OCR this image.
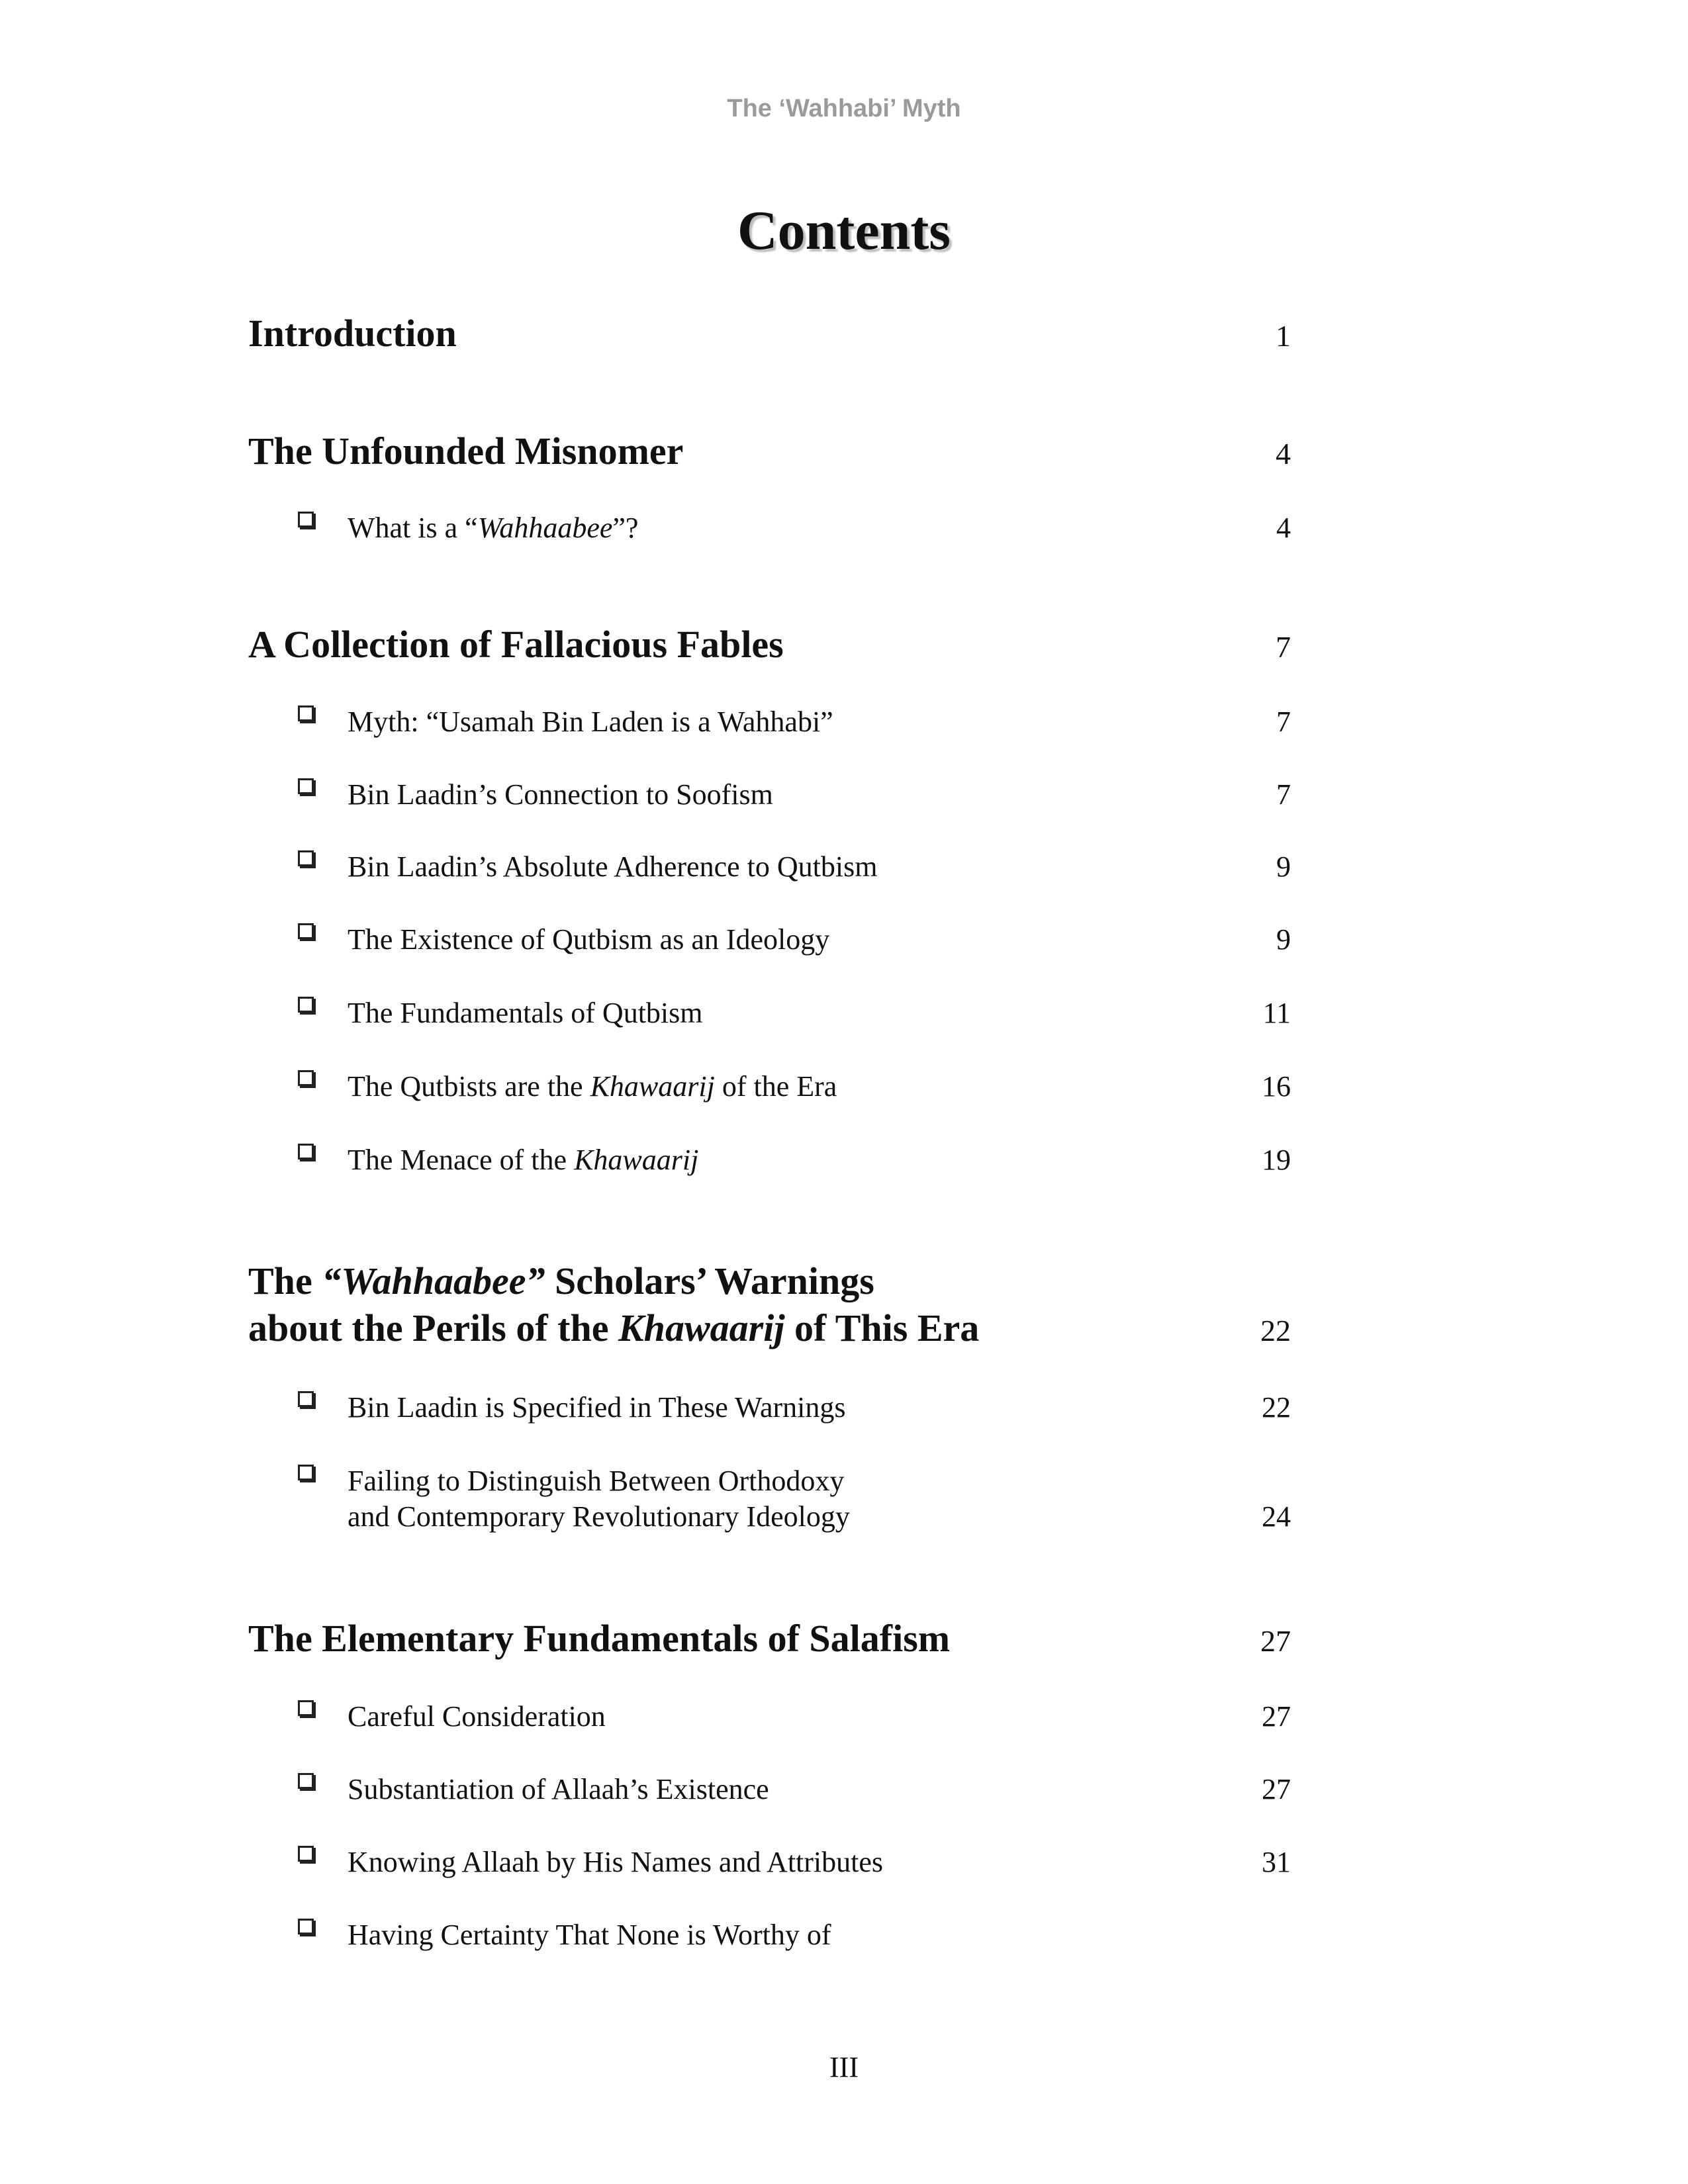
The ‘Wahhabi’ Myth
Contents
Introduction	1
The Unfounded Misnomer	4
What is a “Wahhaabee”?	4
A Collection of Fallacious Fables	7
Myth: “Usamah Bin Laden is a Wahhabi”	7
Bin Laadin’s Connection to Soofism	7
Bin Laadin’s Absolute Adherence to Qutbism	9
The Existence of Qutbism as an Ideology	9
The Fundamentals of Qutbism	11
The Qutbists are the Khawaarij of the Era	16
The Menace of the Khawaarij	19
The “Wahhaabee” Scholars’ Warnings
about the Perils of the Khawaarij of This Era	22
Bin Laadin is Specified in These Warnings	22
Failing to Distinguish Between Orthodoxy
and Contemporary Revolutionary Ideology	24
The Elementary Fundamentals of Salafism	27
Careful Consideration	27
Substantiation of Allaah’s Existence	27
Knowing Allaah by His Names and Attributes	31
Having Certainty That None is Worthy of
III
